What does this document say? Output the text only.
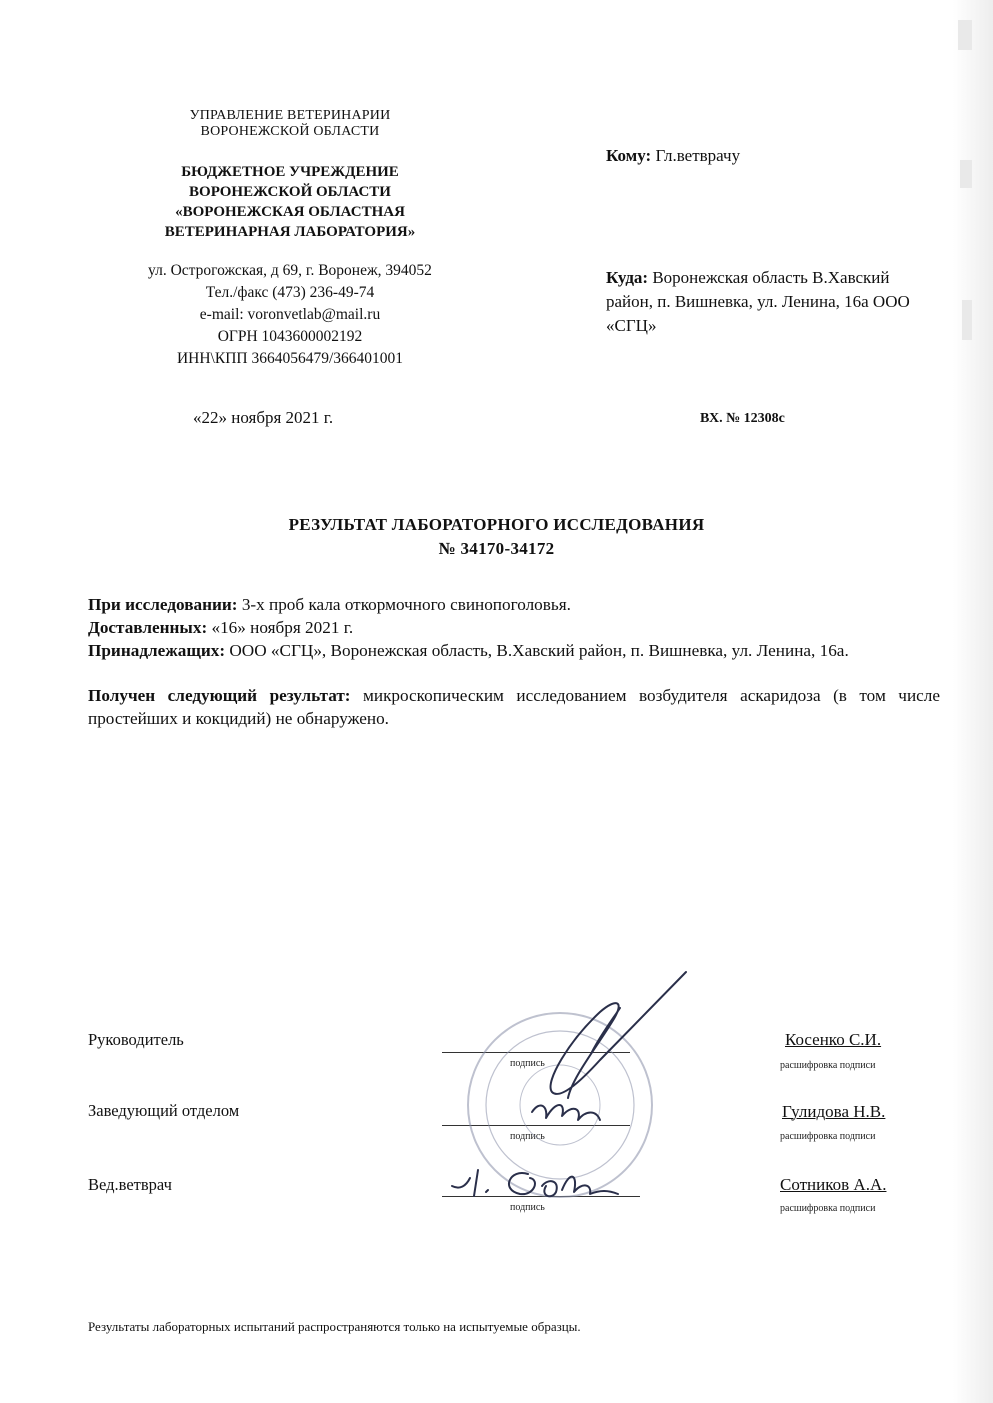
УПРАВЛЕНИЕ ВЕТЕРИНАРИИ
ВОРОНЕЖСКОЙ ОБЛАСТИ
БЮДЖЕТНОЕ УЧРЕЖДЕНИЕ
ВОРОНЕЖСКОЙ ОБЛАСТИ
«ВОРОНЕЖСКАЯ ОБЛАСТНАЯ
ВЕТЕРИНАРНАЯ ЛАБОРАТОРИЯ»
ул. Острогожская, д 69, г. Воронеж, 394052
Тел./факс (473) 236-49-74
e-mail: voronvetlab@mail.ru
ОГРН 1043600002192
ИНН\КПП 3664056479/366401001
Кому: Гл.ветврачу
Куда: Воронежская область В.Хавский район, п. Вишневка, ул. Ленина, 16а ООО «СГЦ»
«22» ноября 2021 г.	ВХ. № 12308с
РЕЗУЛЬТАТ ЛАБОРАТОРНОГО ИССЛЕДОВАНИЯ
№ 34170-34172

При исследовании: 3-х проб кала откормочного свинопоголовья.

Доставленных: «16» ноября 2021 г.

Принадлежащих: ООО «СГЦ», Воронежская область, В.Хавский район, п. Вишневка, ул. Ленина, 16а.

Получен следующий результат: микроскопическим исследованием возбудителя аскаридоза (в том числе простейших и кокцидий) не обнаружено.

Руководитель
подпись
Косенко С.И.
расшифровка подписи
Заведующий отделом
подпись
Гулидова Н.В.
расшифровка подписи
Вед.ветврач
подпись
Сотников А.А.
расшифровка подписи
Результаты лабораторных испытаний распространяются только на испытуемые образцы.
